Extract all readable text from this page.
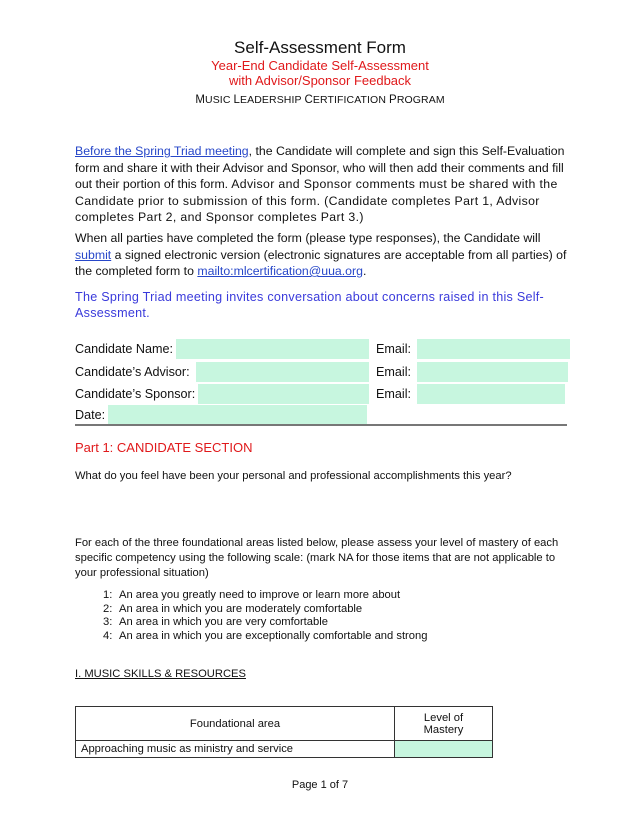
Self-Assessment Form
Year-End Candidate Self-Assessment
with Advisor/Sponsor Feedback
MUSIC LEADERSHIP CERTIFICATION PROGRAM
Before the Spring Triad meeting, the Candidate will complete and sign this Self-Evaluation form and share it with their Advisor and Sponsor, who will then add their comments and fill out their portion of this form. Advisor and Sponsor comments must be shared with the Candidate prior to submission of this form. (Candidate completes Part 1, Advisor completes Part 2, and Sponsor completes Part 3.)
When all parties have completed the form (please type responses), the Candidate will submit a signed electronic version (electronic signatures are acceptable from all parties) of the completed form to mailto:mlcertification@uua.org.
The Spring Triad meeting invites conversation about concerns raised in this Self-Assessment.
Candidate Name:	Email:
Candidate’s Advisor:	Email:
Candidate’s Sponsor:	Email:
Date:
Part 1: CANDIDATE SECTION
What do you feel have been your personal and professional accomplishments this year?
For each of the three foundational areas listed below, please assess your level of mastery of each specific competency using the following scale: (mark NA for those items that are not applicable to your professional situation)
1: An area you greatly need to improve or learn more about
2: An area in which you are moderately comfortable
3: An area in which you are very comfortable
4: An area in which you are exceptionally comfortable and strong
I. MUSIC SKILLS & RESOURCES
Foundational area	Level of
Mastery
Approaching music as ministry and service	
Page 1 of 7
